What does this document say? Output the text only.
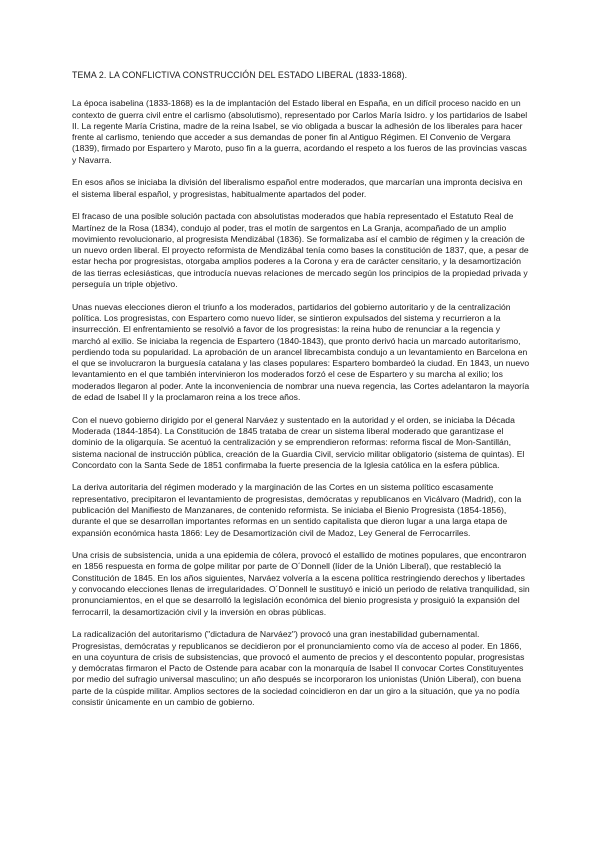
TEMA 2. LA CONFLICTIVA CONSTRUCCIÓN DEL ESTADO LIBERAL (1833-1868).

La época isabelina (1833-1868) es la de implantación del Estado liberal en España, en un difícil proceso nacido en un contexto de guerra civil entre el carlismo (absolutismo), representado por Carlos María Isidro. y los partidarios de Isabel II. La regente María Cristina, madre de la reina Isabel, se vio obligada a buscar la adhesión de los liberales para hacer frente al carlismo, teniendo que acceder a sus demandas de poner fin al Antiguo Régimen. El Convenio de Vergara (1839), firmado por Espartero y Maroto, puso fin a la guerra, acordando el respeto a los fueros de las provincias vascas y Navarra.

En esos años se iniciaba la división del liberalismo español entre moderados, que marcarían una impronta decisiva en el sistema liberal español, y progresistas, habitualmente apartados del poder.

El fracaso de una posible solución pactada con absolutistas moderados que había representado el Estatuto Real de Martínez de la Rosa (1834), condujo al poder, tras el motín de sargentos en La Granja, acompañado de un amplio movimiento revolucionario, al progresista Mendizábal (1836). Se formalizaba así el cambio de régimen y la creación de un nuevo orden liberal. El proyecto reformista de Mendizábal tenía como bases la constitución de 1837, que, a pesar de estar hecha por progresistas, otorgaba amplios poderes a la Corona y era de carácter censitario, y la desamortización de las tierras eclesiásticas, que introducía nuevas relaciones de mercado según los principios de la propiedad privada y perseguía un triple objetivo.

Unas nuevas elecciones dieron el triunfo a los moderados, partidarios del gobierno autoritario y de la centralización política. Los progresistas, con Espartero como nuevo líder, se sintieron expulsados del sistema y recurrieron a la insurrección. El enfrentamiento se resolvió a favor de los progresistas: la reina hubo de renunciar a la regencia y marchó al exilio. Se iniciaba la regencia de Espartero (1840-1843), que pronto derivó hacia un marcado autoritarismo, perdiendo toda su popularidad. La aprobación de un arancel librecambista condujo a un levantamiento en Barcelona en el que se involucraron la burguesía catalana y las clases populares: Espartero bombardeó la ciudad. En 1843, un nuevo levantamiento en el que también intervinieron los moderados forzó el cese de Espartero y su marcha al exilio; los moderados llegaron al poder. Ante la inconveniencia de nombrar una nueva regencia, las Cortes adelantaron la mayoría de edad de Isabel II y la proclamaron reina a los trece años.

Con el nuevo gobierno dirigido por el general Narváez y sustentado en la autoridad y el orden, se iniciaba la Década Moderada (1844-1854). La Constitución de 1845 trataba de crear un sistema liberal moderado que garantizase el dominio de la oligarquía. Se acentuó la centralización y se emprendieron reformas: reforma fiscal de Mon-Santillán, sistema nacional de instrucción pública, creación de la Guardia Civil, servicio militar obligatorio (sistema de quintas). El Concordato con la Santa Sede de 1851 confirmaba la fuerte presencia de la Iglesia católica en la esfera pública.

La deriva autoritaria del régimen moderado y la marginación de las Cortes en un sistema político escasamente representativo, precipitaron el levantamiento de progresistas, demócratas y republicanos en Vicálvaro (Madrid), con la publicación del Manifiesto de Manzanares, de contenido reformista. Se iniciaba el Bienio Progresista (1854-1856), durante el que se desarrollan importantes reformas en un sentido capitalista que dieron lugar a una larga etapa de expansión económica hasta 1866: Ley de Desamortización civil de Madoz, Ley General de Ferrocarriles.

Una crisis de subsistencia, unida a una epidemia de cólera, provocó el estallido de motines populares, que encontraron en 1856 respuesta en forma de golpe militar por parte de O´Donnell (líder de la Unión Liberal), que restableció la Constitución de 1845. En los años siguientes, Narváez volvería a la escena política restringiendo derechos y libertades y convocando elecciones llenas de irregularidades. O´Donnell le sustituyó e inició un periodo de relativa tranquilidad, sin pronunciamientos, en el que se desarrolló la legislación económica del bienio progresista y prosiguió la expansión del ferrocarril, la desamortización civil y la inversión en obras públicas.

La radicalización del autoritarismo ("dictadura de Narváez") provocó una gran inestabilidad gubernamental. Progresistas, demócratas y republicanos se decidieron por el pronunciamiento como vía de acceso al poder. En 1866, en una coyuntura de crisis de subsistencias, que provocó el aumento de precios y el descontento popular, progresistas y demócratas firmaron el Pacto de Ostende para acabar con la monarquía de Isabel II convocar Cortes Constituyentes por medio del sufragio universal masculino; un año después se incorporaron los unionistas (Unión Liberal), con buena parte de la cúspide militar. Amplios sectores de la sociedad coincidieron en dar un giro a la situación, que ya no podía consistir únicamente en un cambio de gobierno.
